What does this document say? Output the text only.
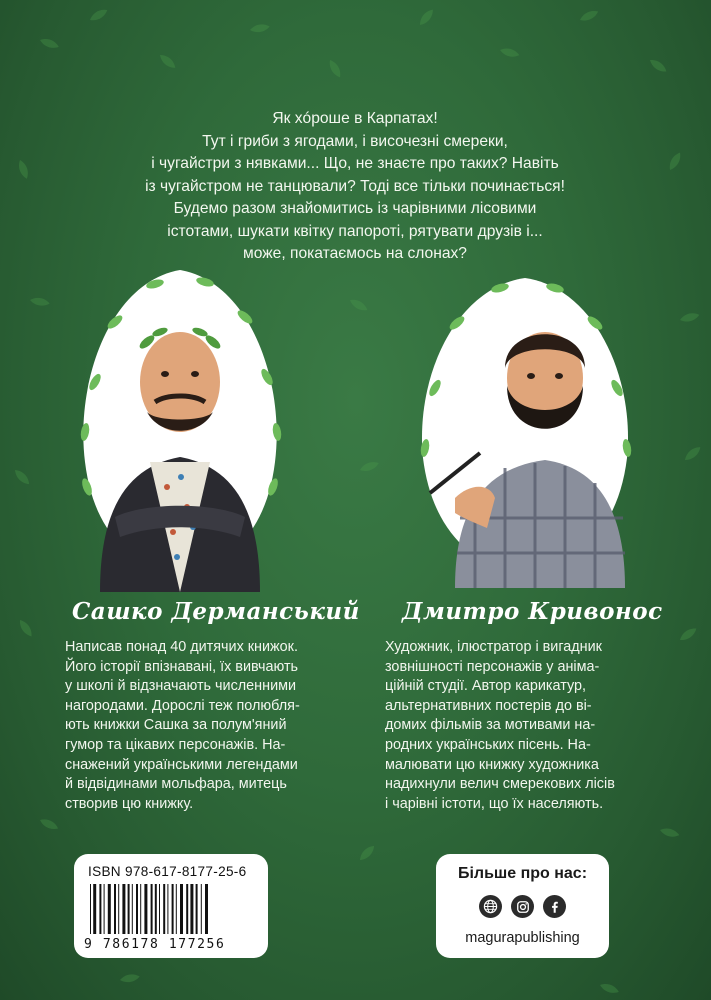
Як хóроше в Карпатах!
Тут і гриби з ягодами, і височезні смереки,
і чугайстри з нявками... Що, не знаєте про таких? Навіть
із чугайстром не танцювали? Тоді все тільки починається!
Будемо разом знайомитись із чарівними лісовими
істотами, шукати квітку папороті, рятувати друзів і...
може, покатаємось на слонах?
Сашко Дерманський Дмитро Кривонос
Написав понад 40 дитячих книжок.
Його історії впізнавані, їх вивчають
у школі й відзначають численними
нагородами. Дорослі теж полюбля-
ють книжки Сашка за полум'яний
гумор та цікавих персонажів. На-
снажений українськими легендами
й відвідинами мольфара, митець
створив цю книжку.
Художник, ілюстратор і вигадник
зовнішності персонажів у аніма-
ційній студії. Автор карикатур,
альтернативних постерів до ві-
домих фільмів за мотивами на-
родних українських пісень. На-
малювати цю книжку художника
надихнули велич смерекових лісів
і чарівні істоти, що їх населяють.
ISBN 978-617-8177-25-6
9 786178 177256
Більше про нас:
magurapublishing
